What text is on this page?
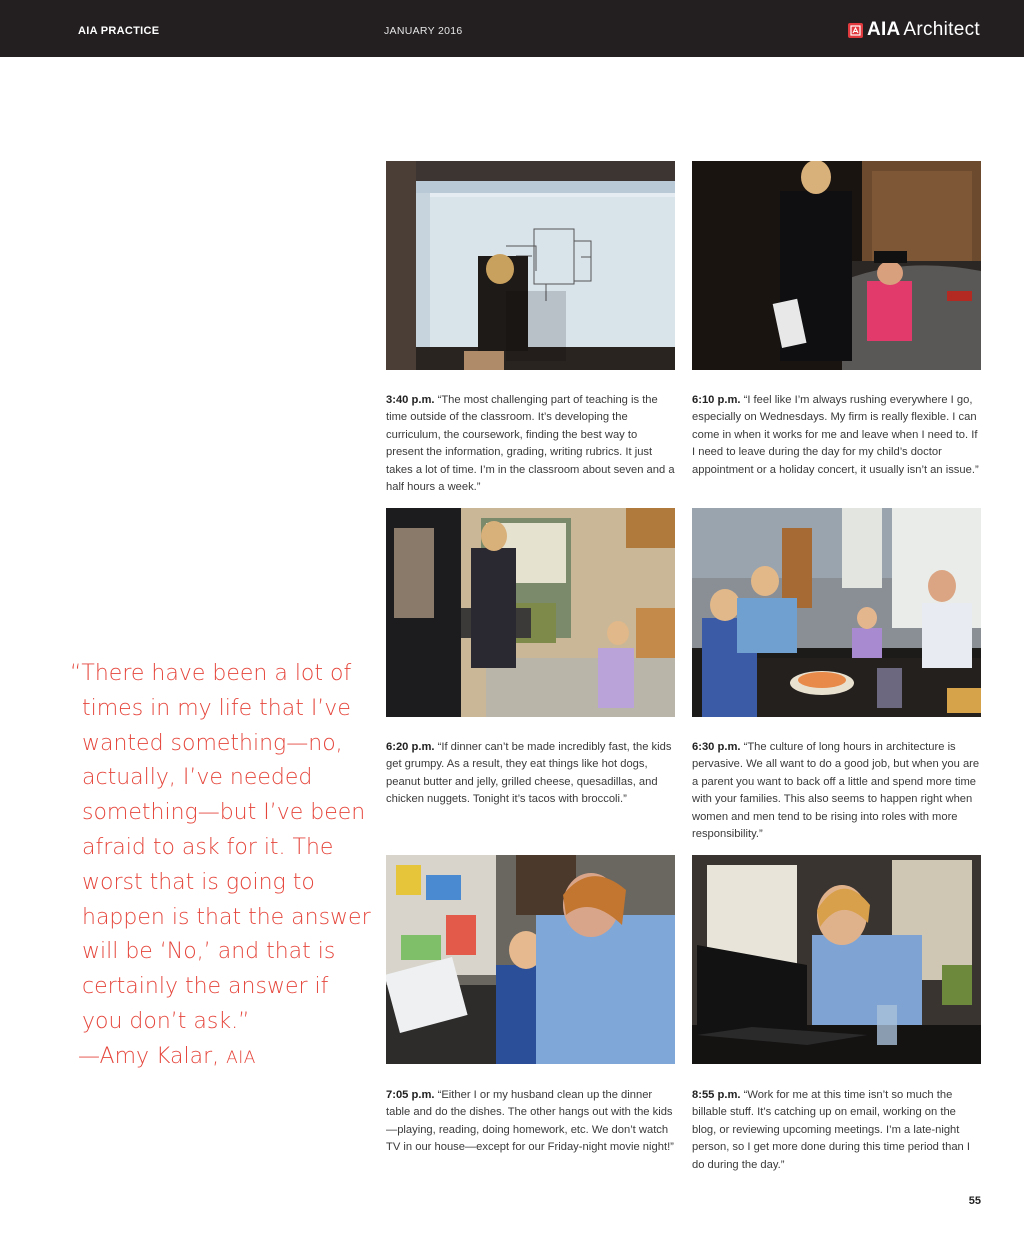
AIA PRACTICE	JANUARY 2016	AIA Architect
3:40 p.m. “The most challenging part of teaching is the time outside of the classroom. It’s developing the curriculum, the coursework, finding the best way to present the information, grading, writing rubrics. It just takes a lot of time. I’m in the classroom about seven and a half hours a week.”
6:10 p.m. “I feel like I’m always rushing everywhere I go, especially on Wednesdays. My firm is really flexible. I can come in when it works for me and leave when I need to. If I need to leave during the day for my child’s doctor appointment or a holiday concert, it usually isn’t an issue.”
6:20 p.m. “If dinner can’t be made incredibly fast, the kids get grumpy. As a result, they eat things like hot dogs, peanut butter and jelly, grilled cheese, quesadillas, and chicken nuggets. Tonight it’s tacos with broccoli.”
6:30 p.m. “The culture of long hours in architecture is pervasive. We all want to do a good job, but when you are a parent you want to back off a little and spend more time with your families. This also seems to happen right when women and men tend to be rising into roles with more responsibility.”
7:05 p.m. “Either I or my husband clean up the dinner table and do the dishes. The other hangs out with the kids—playing, reading, doing homework, etc. We don’t watch TV in our house—except for our Friday-night movie night!”
8:55 p.m. “Work for me at this time isn’t so much the billable stuff. It’s catching up on email, working on the blog, or reviewing upcoming meetings. I’m a late-night person, so I get more done during this time period than I do during the day.”
“There have been a lot of
times in my life that I’ve
wanted something—no,
actually, I’ve needed
something—but I’ve been
afraid to ask for it. The
worst that is going to
happen is that the answer
will be ‘No,’ and that is
certainly the answer if
you don’t ask.”
—Amy Kalar, AIA
55
